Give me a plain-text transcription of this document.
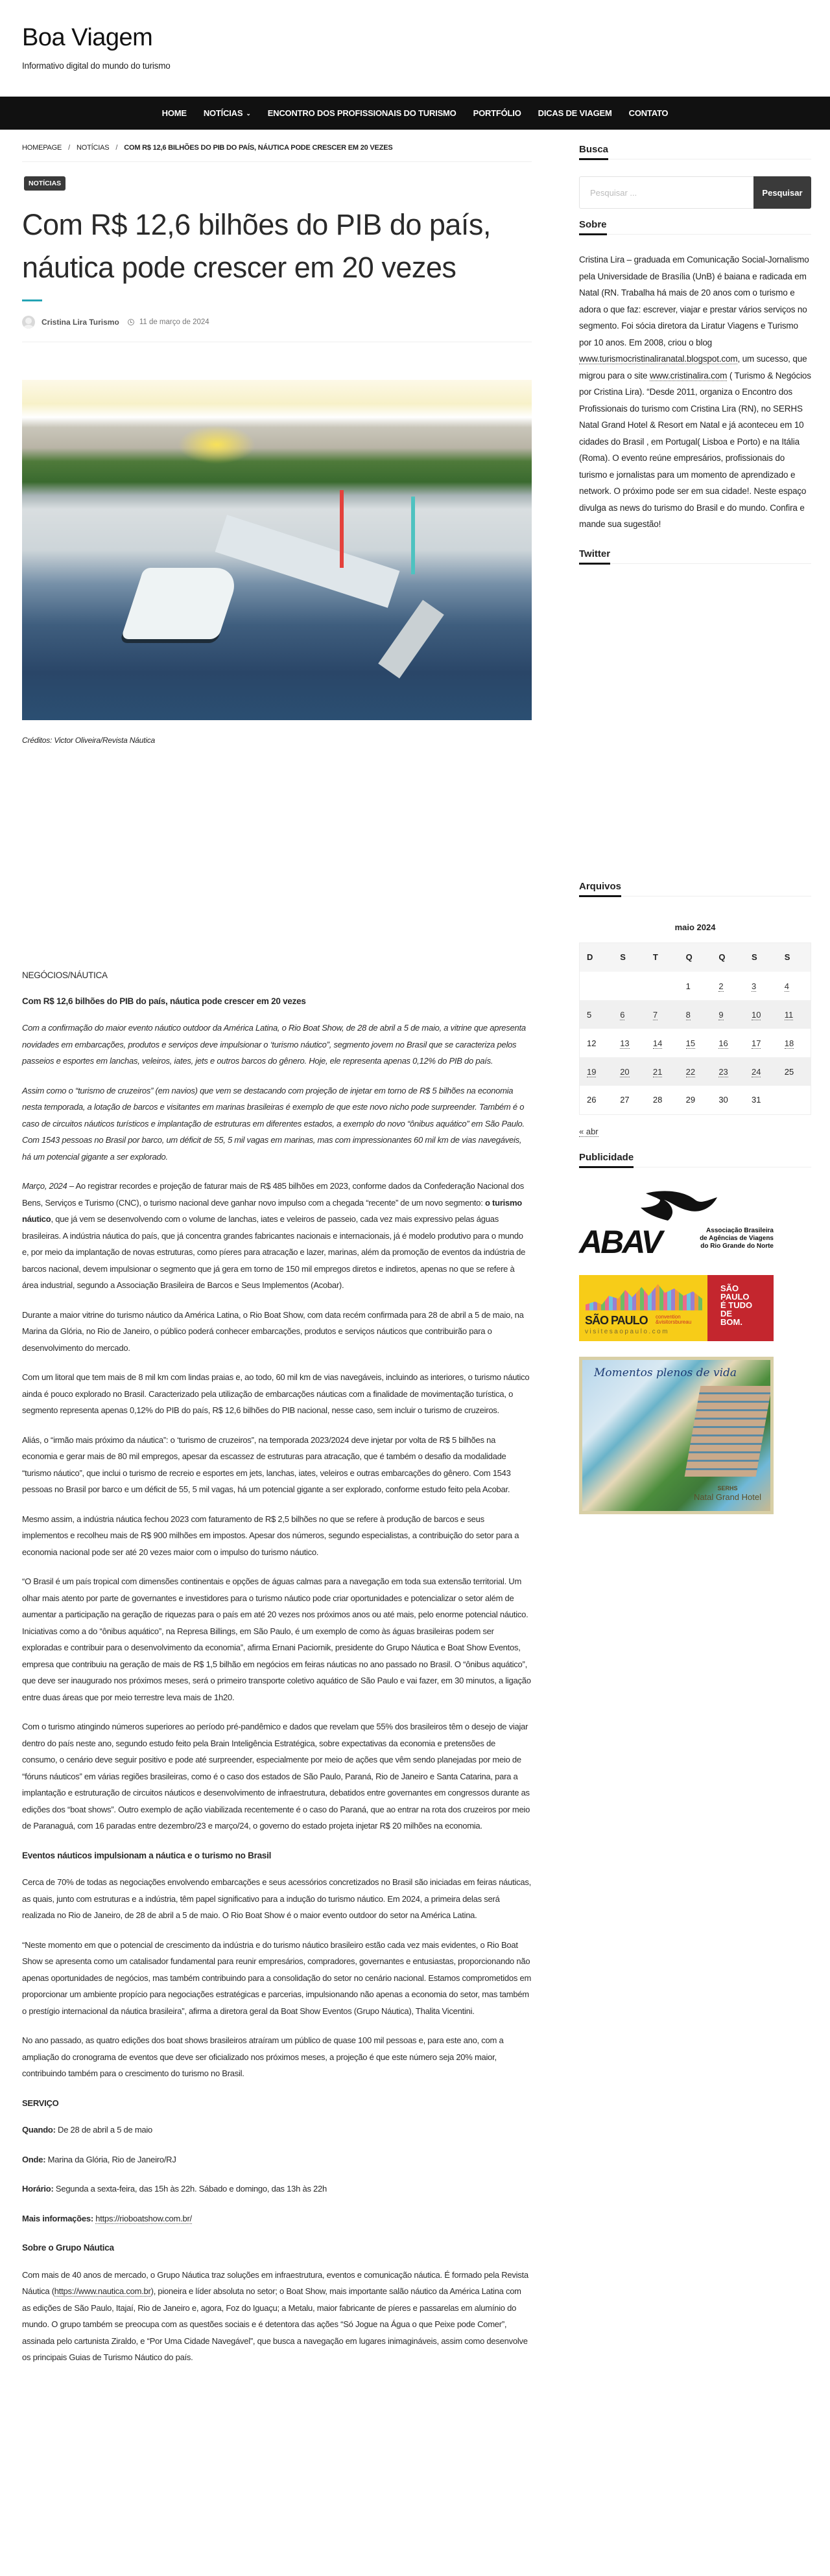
Boa Viagem
Informativo digital do mundo do turismo
HOME NOTÍCIAS ⌄ ENCONTRO DOS PROFISSIONAIS DO TURISMO PORTFÓLIO DICAS DE VIAGEM CONTATO
HOMEPAGE / NOTÍCIAS / COM R$ 12,6 BILHÕES DO PIB DO PAÍS, NÁUTICA PODE CRESCER EM 20 VEZES
NOTÍCIAS
Com R$ 12,6 bilhões do PIB do país, náutica pode crescer em 20 vezes
Cristina Lira Turismo	11 de março de 2024
Créditos: Victor Oliveira/Revista Náutica

NEGÓCIOS/NÁUTICA

Com R$ 12,6 bilhões do PIB do país, náutica pode crescer em 20 vezes

Com a confirmação do maior evento náutico outdoor da América Latina, o Rio Boat Show, de 28 de abril a 5 de maio, a vitrine que apresenta novidades em embarcações, produtos e serviços deve impulsionar o ‘turismo náutico”, segmento jovem no Brasil que se caracteriza pelos passeios e esportes em lanchas, veleiros, iates, jets e outros barcos do gênero. Hoje, ele representa apenas 0,12% do PIB do país.

Assim como o “turismo de cruzeiros” (em navios) que vem se destacando com projeção de injetar em torno de R$ 5 bilhões na economia nesta temporada, a lotação de barcos e visitantes em marinas brasileiras é exemplo de que este novo nicho pode surpreender. Também é o caso de circuitos náuticos turísticos e implantação de estruturas em diferentes estados, a exemplo do novo “ônibus aquático” em São Paulo. Com 1543 pessoas no Brasil por barco, um déficit de 55, 5 mil vagas em marinas, mas com impressionantes 60 mil km de vias navegáveis, há um potencial gigante a ser explorado.

Março, 2024 – Ao registrar recordes e projeção de faturar mais de R$ 485 bilhões em 2023, conforme dados da Confederação Nacional dos Bens, Serviços e Turismo (CNC), o turismo nacional deve ganhar novo impulso com a chegada “recente” de um novo segmento: o turismo náutico, que já vem se desenvolvendo com o volume de lanchas, iates e veleiros de passeio, cada vez mais expressivo pelas águas brasileiras. A indústria náutica do país, que já concentra grandes fabricantes nacionais e internacionais, já é modelo produtivo para o mundo e, por meio da implantação de novas estruturas, como píeres para atracação e lazer, marinas, além da promoção de eventos da indústria de barcos nacional, devem impulsionar o segmento que já gera em torno de 150 mil empregos diretos e indiretos, apenas no que se refere à área industrial, segundo a Associação Brasileira de Barcos e Seus Implementos (Acobar).

Durante a maior vitrine do turismo náutico da América Latina, o Rio Boat Show, com data recém confirmada para 28 de abril a 5 de maio, na Marina da Glória, no Rio de Janeiro, o público poderá conhecer embarcações, produtos e serviços náuticos que contribuirão para o desenvolvimento do mercado.

Com um litoral que tem mais de 8 mil km com lindas praias e, ao todo, 60 mil km de vias navegáveis, incluindo as interiores, o turismo náutico ainda é pouco explorado no Brasil. Caracterizado pela utilização de embarcações náuticas com a finalidade de movimentação turística, o segmento representa apenas 0,12% do PIB do país, R$ 12,6 bilhões do PIB nacional, nesse caso, sem incluir o turismo de cruzeiros.

Aliás, o “irmão mais próximo da náutica”: o ‘turismo de cruzeiros”, na temporada 2023/2024 deve injetar por volta de R$ 5 bilhões na economia e gerar mais de 80 mil empregos, apesar da escassez de estruturas para atracação, que é também o desafio da modalidade “turismo náutico”, que inclui o turismo de recreio e esportes em jets, lanchas, iates, veleiros e outras embarcações do gênero. Com 1543 pessoas no Brasil por barco e um déficit de 55, 5 mil vagas, há um potencial gigante a ser explorado, conforme estudo feito pela Acobar.

Mesmo assim, a indústria náutica fechou 2023 com faturamento de R$ 2,5 bilhões no que se refere à produção de barcos e seus implementos e recolheu mais de R$ 900 milhões em impostos. Apesar dos números, segundo especialistas, a contribuição do setor para a economia nacional pode ser até 20 vezes maior com o impulso do turismo náutico.

“O Brasil é um país tropical com dimensões continentais e opções de águas calmas para a navegação em toda sua extensão territorial. Um olhar mais atento por parte de governantes e investidores para o turismo náutico pode criar oportunidades e potencializar o setor além de aumentar a participação na geração de riquezas para o país em até 20 vezes nos próximos anos ou até mais, pelo enorme potencial náutico. Iniciativas como a do “ônibus aquático”, na Represa Billings, em São Paulo, é um exemplo de como às águas brasileiras podem ser exploradas e contribuir para o desenvolvimento da economia”, afirma Ernani Paciornik, presidente do Grupo Náutica e Boat Show Eventos, empresa que contribuiu na geração de mais de R$ 1,5 bilhão em negócios em feiras náuticas no ano passado no Brasil. O “ônibus aquático”, que deve ser inaugurado nos próximos meses, será o primeiro transporte coletivo aquático de São Paulo e vai fazer, em 30 minutos, a ligação entre duas áreas que por meio terrestre leva mais de 1h20.

Com o turismo atingindo números superiores ao período pré-pandêmico e dados que revelam que 55% dos brasileiros têm o desejo de viajar dentro do país neste ano, segundo estudo feito pela Brain Inteligência Estratégica, sobre expectativas da economia e pretensões de consumo, o cenário deve seguir positivo e pode até surpreender, especialmente por meio de ações que vêm sendo planejadas por meio de “fóruns náuticos” em várias regiões brasileiras, como é o caso dos estados de São Paulo, Paraná, Rio de Janeiro e Santa Catarina, para a implantação e estruturação de circuitos náuticos e desenvolvimento de infraestrutura, debatidos entre governantes em congressos durante as edições dos “boat shows”. Outro exemplo de ação viabilizada recentemente é o caso do Paraná, que ao entrar na rota dos cruzeiros por meio de Paranaguá, com 16 paradas entre dezembro/23 e março/24, o governo do estado projeta injetar R$ 20 milhões na economia.

Eventos náuticos impulsionam a náutica e o turismo no Brasil

Cerca de 70% de todas as negociações envolvendo embarcações e seus acessórios concretizados no Brasil são iniciadas em feiras náuticas, as quais, junto com estruturas e a indústria, têm papel significativo para a indução do turismo náutico. Em 2024, a primeira delas será realizada no Rio de Janeiro, de 28 de abril a 5 de maio. O Rio Boat Show é o maior evento outdoor do setor na América Latina.

“Neste momento em que o potencial de crescimento da indústria e do turismo náutico brasileiro estão cada vez mais evidentes, o Rio Boat Show se apresenta como um catalisador fundamental para reunir empresários, compradores, governantes e entusiastas, proporcionando não apenas oportunidades de negócios, mas também contribuindo para a consolidação do setor no cenário nacional. Estamos comprometidos em proporcionar um ambiente propício para negociações estratégicas e parcerias, impulsionando não apenas a economia do setor, mas também o prestígio internacional da náutica brasileira”, afirma a diretora geral da Boat Show Eventos (Grupo Náutica), Thalita Vicentini.

No ano passado, as quatro edições dos boat shows brasileiros atraíram um público de quase 100 mil pessoas e, para este ano, com a ampliação do cronograma de eventos que deve ser oficializado nos próximos meses, a projeção é que este número seja 20% maior, contribuindo também para o crescimento do turismo no Brasil.

SERVIÇO

Quando: De 28 de abril a 5 de maio

Onde: Marina da Glória, Rio de Janeiro/RJ

Horário: Segunda a sexta-feira, das 15h às 22h. Sábado e domingo, das 13h às 22h

Mais informações: https://rioboatshow.com.br/

Sobre o Grupo Náutica

Com mais de 40 anos de mercado, o Grupo Náutica traz soluções em infraestrutura, eventos e comunicação náutica. É formado pela Revista Náutica (https://www.nautica.com.br), pioneira e líder absoluta no setor; o Boat Show, mais importante salão náutico da América Latina com as edições de São Paulo, Itajaí, Rio de Janeiro e, agora, Foz do Iguaçu; a Metalu, maior fabricante de píeres e passarelas em alumínio do mundo. O grupo também se preocupa com as questões sociais e é detentora das ações “Só Jogue na Água o que Peixe pode Comer”, assinada pelo cartunista Ziraldo, e “Por Uma Cidade Navegável”, que busca a navegação em lugares inimagináveis, assim como desenvolve os principais Guias de Turismo Náutico do país.

Busca
Pesquisar ...
Pesquisar
Sobre

Cristina Lira – graduada em Comunicação Social-Jornalismo pela Universidade de Brasília (UnB) é baiana e radicada em Natal (RN. Trabalha há mais de 20 anos com o turismo e adora o que faz: escrever, viajar e prestar vários serviços no segmento. Foi sócia diretora da Liratur Viagens e Turismo por 10 anos. Em 2008, criou o blog www.turismocristinaliranatal.blogspot.com, um sucesso, que migrou para o site www.cristinalira.com ( Turismo & Negócios por Cristina Lira). “Desde 2011, organiza o Encontro dos Profissionais do turismo com Cristina Lira (RN), no SERHS Natal Grand Hotel & Resort em Natal e já aconteceu em 10 cidades do Brasil , em Portugal( Lisboa e Porto) e na Itália (Roma). O evento reúne empresários, profissionais do turismo e jornalistas para um momento de aprendizado e network. O próximo pode ser em sua cidade!. Neste espaço divulga as news do turismo do Brasil e do mundo. Confira e mande sua sugestão!

Twitter
Arquivos
maio 2024
D	S	T	Q	Q	S	S
			1	2	3	4
5	6	7	8	9	10	11
12	13	14	15	16	17	18
19	20	21	22	23	24	25
26	27	28	29	30	31	
« abr
Publicidade
ABAV	Associação Brasileira
de Agências de Viagens
do Rio Grande do Norte
SÃO PAULO convention
&visitorsbureau
visitesaopaulo.com
SÃO
PAULO
É TUDO
DE
BOM.
Momentos plenos de vida
SERHS
Natal Grand Hotel
